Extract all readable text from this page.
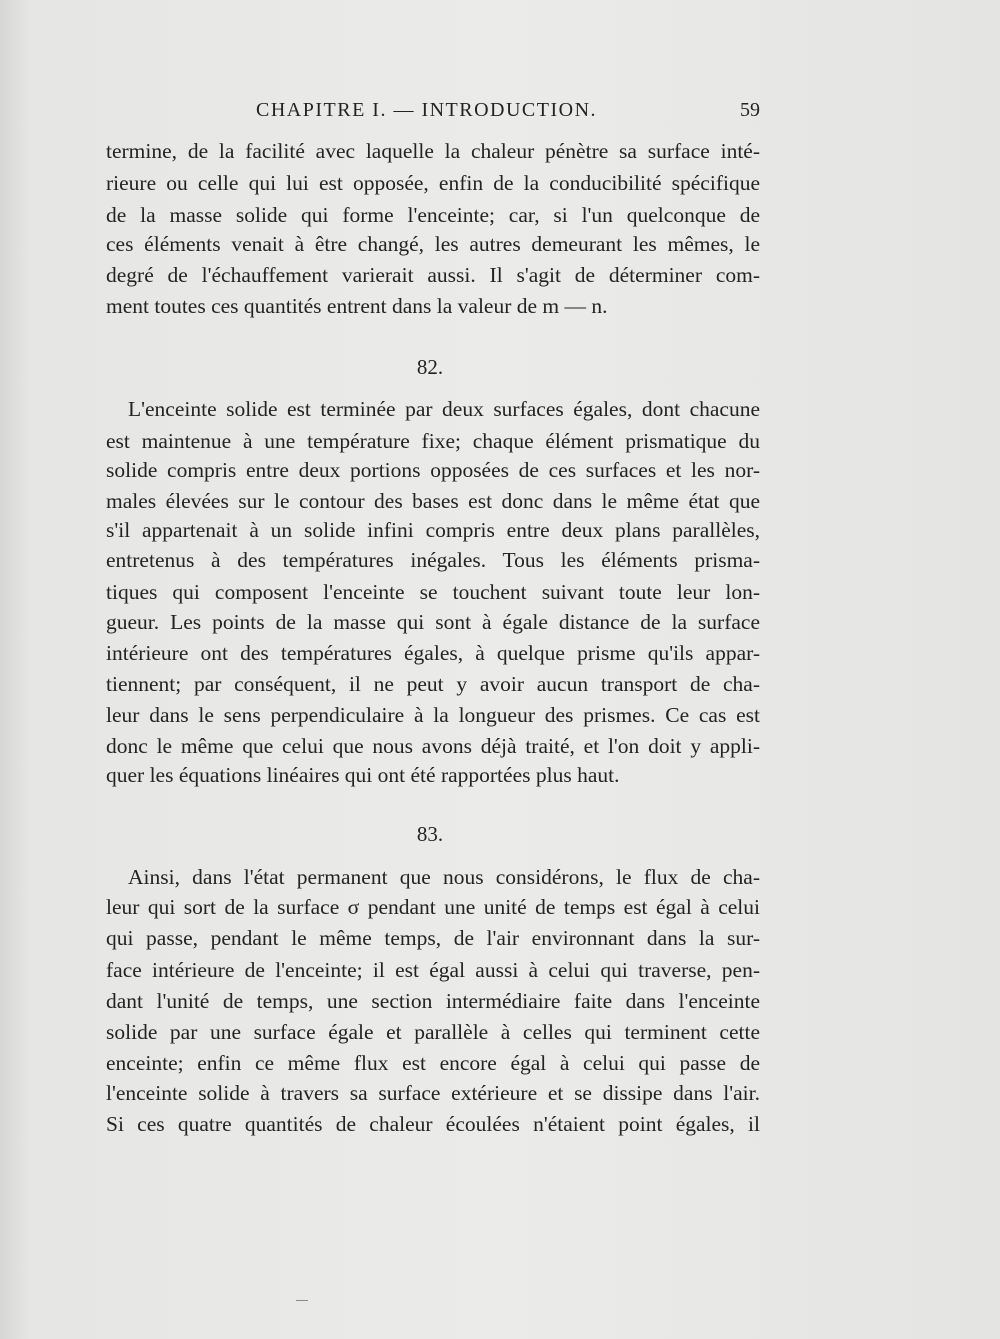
CHAPITRE I. — INTRODUCTION.	59
termine, de la facilité avec laquelle la chaleur pénètre sa surface inté-
rieure ou celle qui lui est opposée, enfin de la conducibilité spécifique
de la masse solide qui forme l'enceinte; car, si l'un quelconque de
ces éléments venait à être changé, les autres demeurant les mêmes, le
degré de l'échauffement varierait aussi. Il s'agit de déterminer com-
ment toutes ces quantités entrent dans la valeur de m — n.
82.
L'enceinte solide est terminée par deux surfaces égales, dont chacune
est maintenue à une température fixe; chaque élément prismatique du
solide compris entre deux portions opposées de ces surfaces et les nor-
males élevées sur le contour des bases est donc dans le même état que
s'il appartenait à un solide infini compris entre deux plans parallèles,
entretenus à des températures inégales. Tous les éléments prisma-
tiques qui composent l'enceinte se touchent suivant toute leur lon-
gueur. Les points de la masse qui sont à égale distance de la surface
intérieure ont des températures égales, à quelque prisme qu'ils appar-
tiennent; par conséquent, il ne peut y avoir aucun transport de cha-
leur dans le sens perpendiculaire à la longueur des prismes. Ce cas est
donc le même que celui que nous avons déjà traité, et l'on doit y appli-
quer les équations linéaires qui ont été rapportées plus haut.
83.
Ainsi, dans l'état permanent que nous considérons, le flux de cha-
leur qui sort de la surface σ pendant une unité de temps est égal à celui
qui passe, pendant le même temps, de l'air environnant dans la sur-
face intérieure de l'enceinte; il est égal aussi à celui qui traverse, pen-
dant l'unité de temps, une section intermédiaire faite dans l'enceinte
solide par une surface égale et parallèle à celles qui terminent cette
enceinte; enfin ce même flux est encore égal à celui qui passe de
l'enceinte solide à travers sa surface extérieure et se dissipe dans l'air.
Si ces quatre quantités de chaleur écoulées n'étaient point égales, il
